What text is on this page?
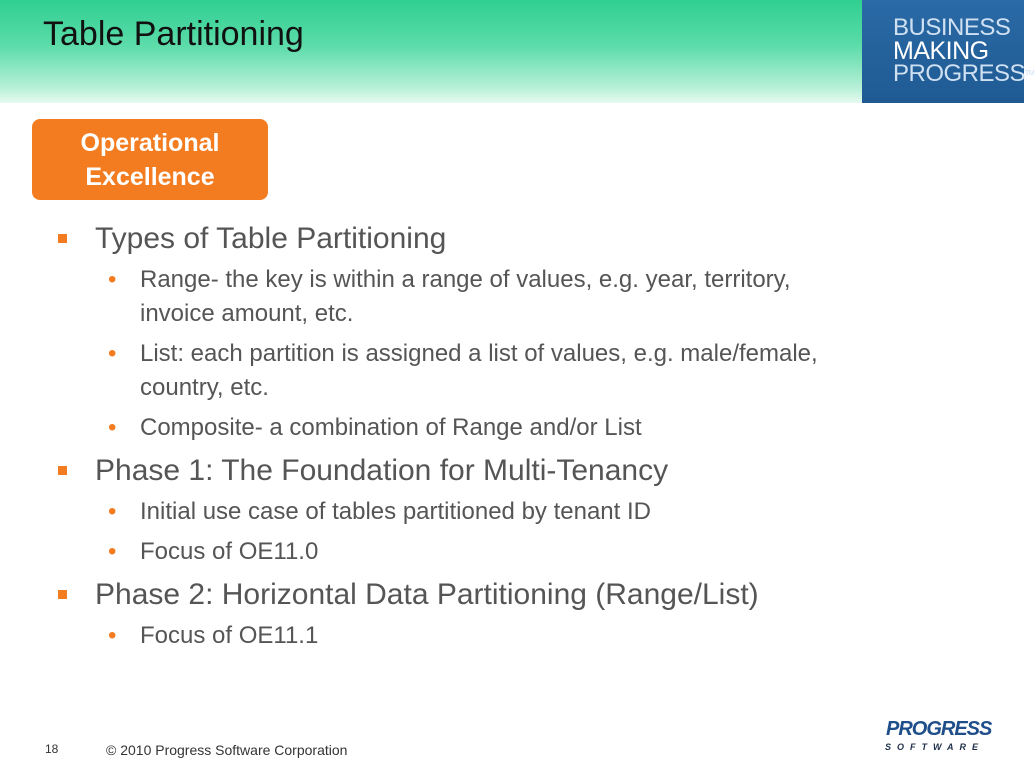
Table Partitioning	BUSINESS
MAKING
PROGRESSTM
Operational Excellence
Types of Table Partitioning
• Range- the key is within a range of values, e.g. year, territory, invoice amount, etc.
• List: each partition is assigned a list of values, e.g. male/female, country, etc.
• Composite- a combination of Range and/or List
Phase 1: The Foundation for Multi-Tenancy
• Initial use case of tables partitioned by tenant ID
• Focus of OE11.0
Phase 2: Horizontal Data Partitioning (Range/List)
• Focus of OE11.1
18	© 2010 Progress Software Corporation
PROGRESS
SOFTWARE
